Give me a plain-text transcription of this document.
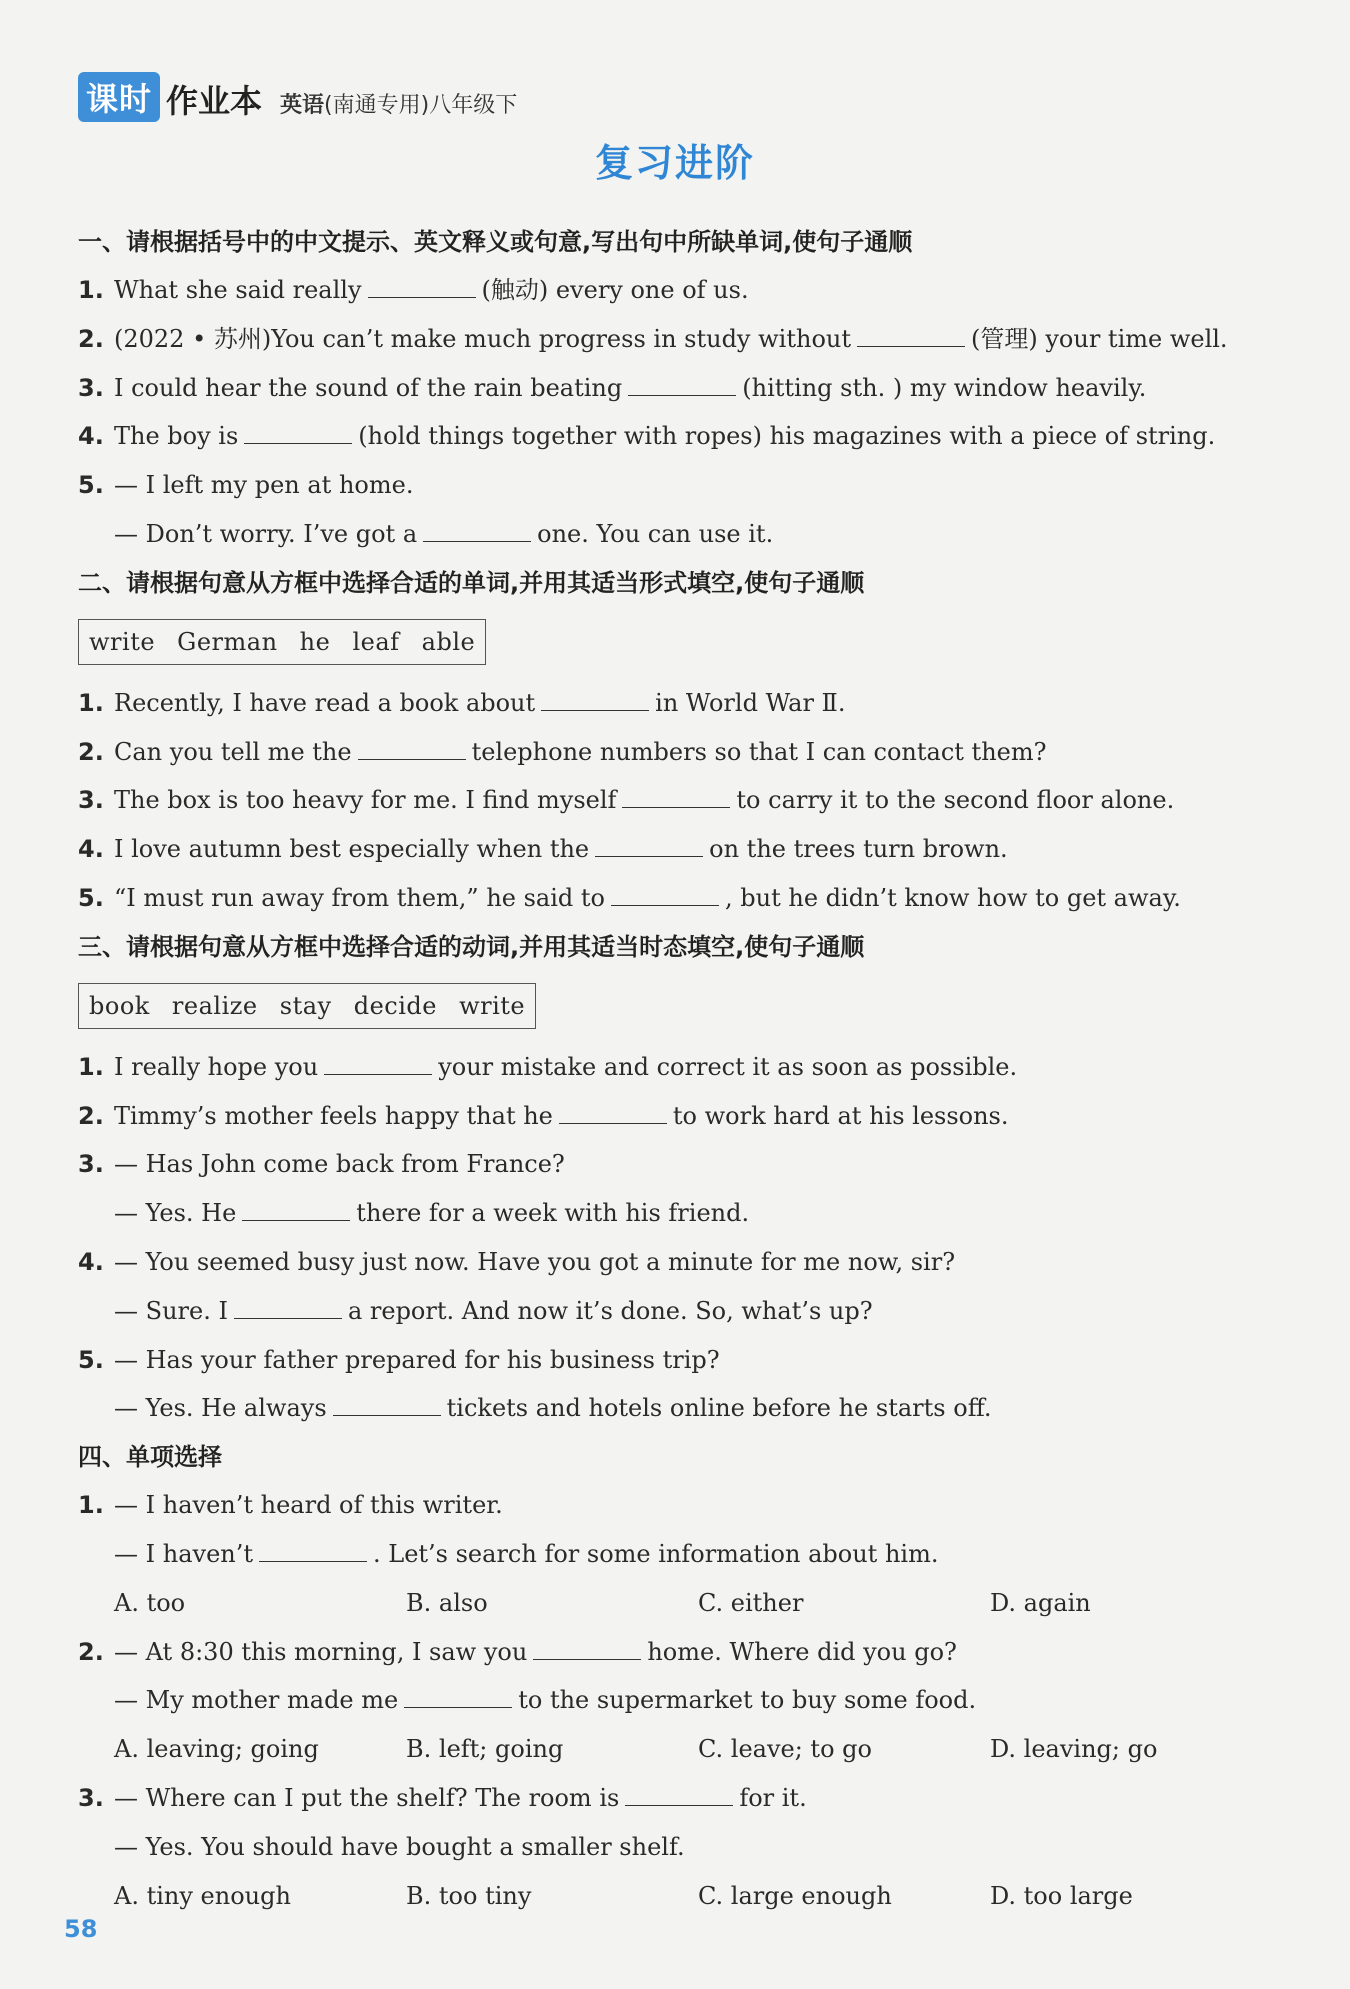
课时 作业本 英语(南通专用)八年级下
复习进阶
一、请根据括号中的中文提示、英文释义或句意,写出句中所缺单词,使句子通顺
1. What she said really	(触动) every one of us.
2. (2022 • 苏州)You can’t make much progress in study without	(管理) your time well.
3. I could hear the sound of the rain beating	(hitting sth. ) my window heavily.
4. The boy is	(hold things together with ropes) his magazines with a piece of string.
5. — I left my pen at home.
— Don’t worry. I’ve got a	one. You can use it.
二、请根据句意从方框中选择合适的单词,并用其适当形式填空,使句子通顺
write German he leaf able
1. Recently, I have read a book about	in World War Ⅱ.
2. Can you tell me the	telephone numbers so that I can contact them?
3. The box is too heavy for me. I find myself	to carry it to the second floor alone.
4. I love autumn best especially when the	on the trees turn brown.
5. “I must run away from them,” he said to	, but he didn’t know how to get away.
三、请根据句意从方框中选择合适的动词,并用其适当时态填空,使句子通顺
book realize stay decide write
1. I really hope you	your mistake and correct it as soon as possible.
2. Timmy’s mother feels happy that he	to work hard at his lessons.
3. — Has John come back from France?
— Yes. He	there for a week with his friend.
4. — You seemed busy just now. Have you got a minute for me now, sir?
— Sure. I	a report. And now it’s done. So, what’s up?
5. — Has your father prepared for his business trip?
— Yes. He always	tickets and hotels online before he starts off.
四、单项选择
1. — I haven’t heard of this writer.
— I haven’t	. Let’s search for some information about him.
A. too	B. also	C. either	D. again
2. — At 8:30 this morning, I saw you	home. Where did you go?
— My mother made me	to the supermarket to buy some food.
A. leaving; going	B. left; going	C. leave; to go	D. leaving; go
3. — Where can I put the shelf? The room is	for it.
— Yes. You should have bought a smaller shelf.
A. tiny enough	B. too tiny	C. large enough	D. too large
58
